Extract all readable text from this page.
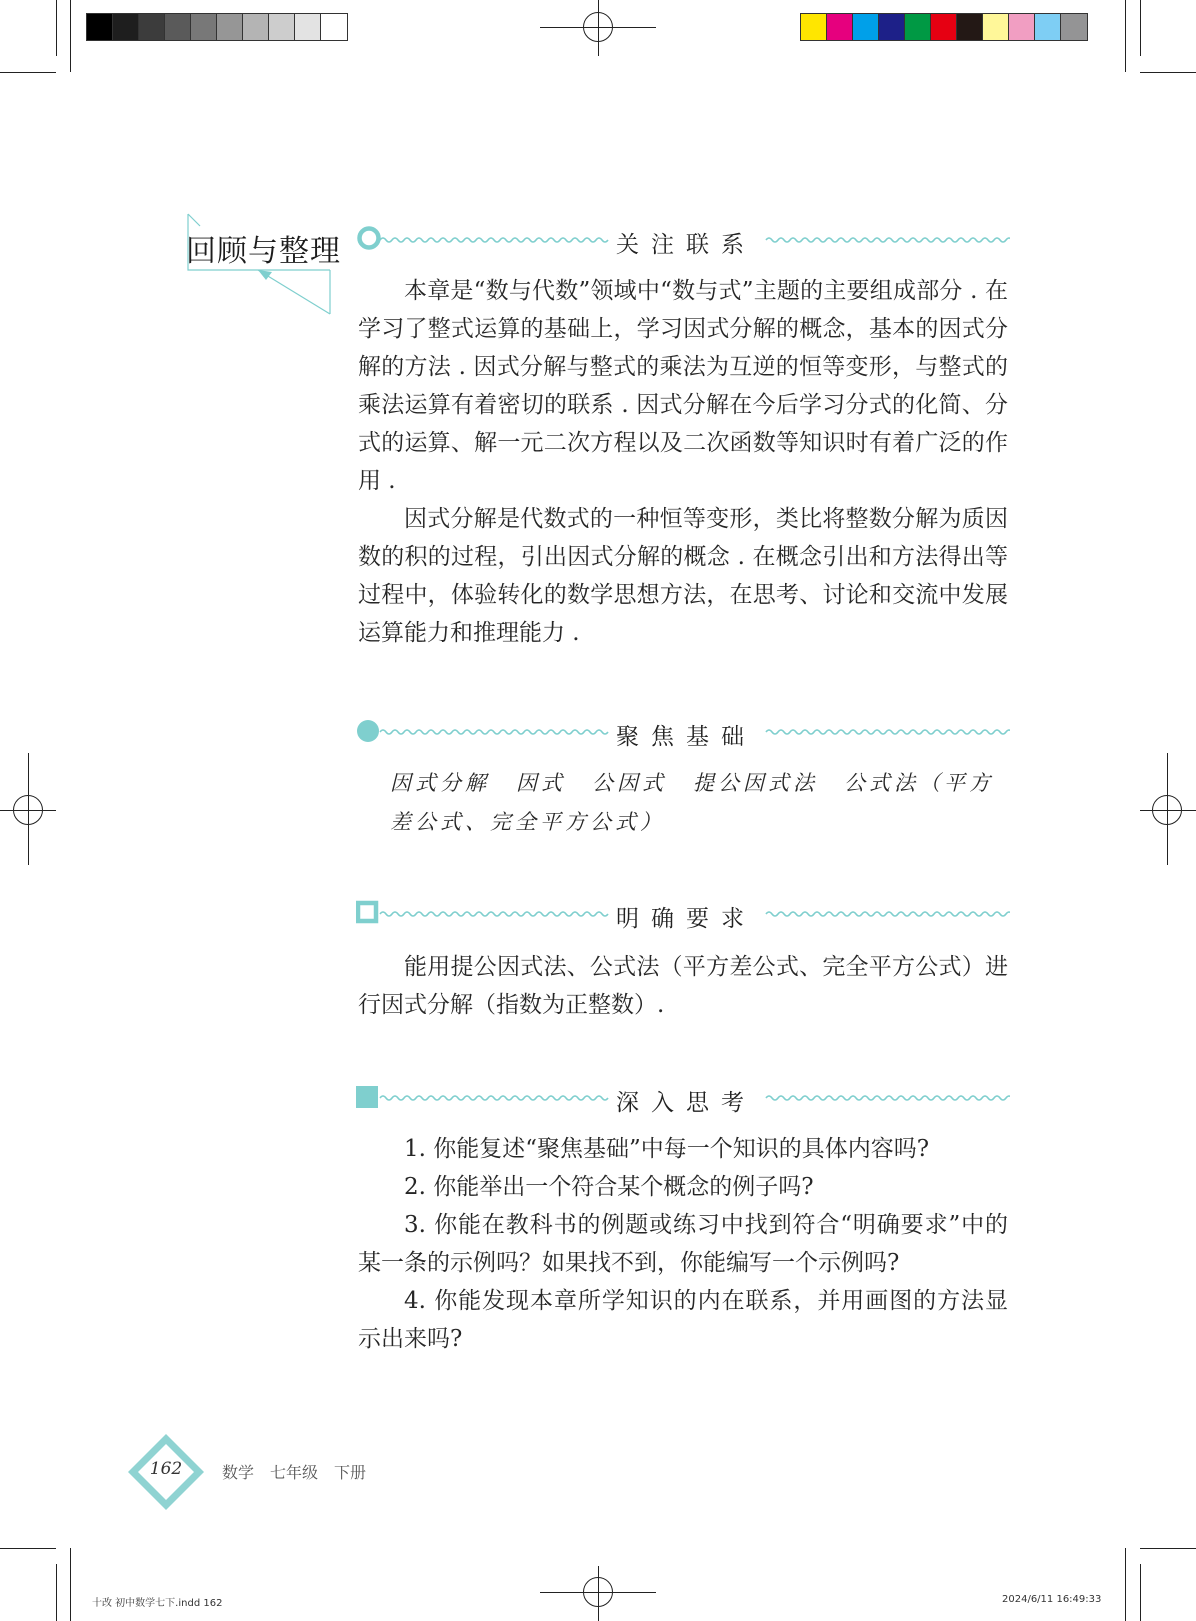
回顾与整理	关注联系

本章是“数与代数”领域中“数与式”主题的主要组成部分 . 在学习了整式运算的基础上，学习因式分解的概念，基本的因式分解的方法 . 因式分解与整式的乘法为互逆的恒等变形，与整式的乘法运算有着密切的联系 . 因式分解在今后学习分式的化简、分式的运算、解一元二次方程以及二次函数等知识时有着广泛的作用 .

因式分解是代数式的一种恒等变形，类比将整数分解为质因数的积的过程，引出因式分解的概念 . 在概念引出和方法得出等过程中，体验转化的数学思想方法，在思考、讨论和交流中发展运算能力和推理能力 .

聚焦基础
因式分解 因式 公因式 提公因式法 公式法（平方差公式、完全平方公式）
明确要求

能用提公因式法、公式法（平方差公式、完全平方公式）进行因式分解（指数为正整数）.

深入思考

1. 你能复述“聚焦基础”中每一个知识的具体内容吗?

2. 你能举出一个符合某个概念的例子吗?

3. 你能在教科书的例题或练习中找到符合“明确要求”中的某一条的示例吗？如果找不到，你能编写一个示例吗?

4. 你能发现本章所学知识的内在联系，并用画图的方法显示出来吗?

162 数学 七年级 下册
十改 初中数学七下.indd 162	2024/6/11 16:49:33
